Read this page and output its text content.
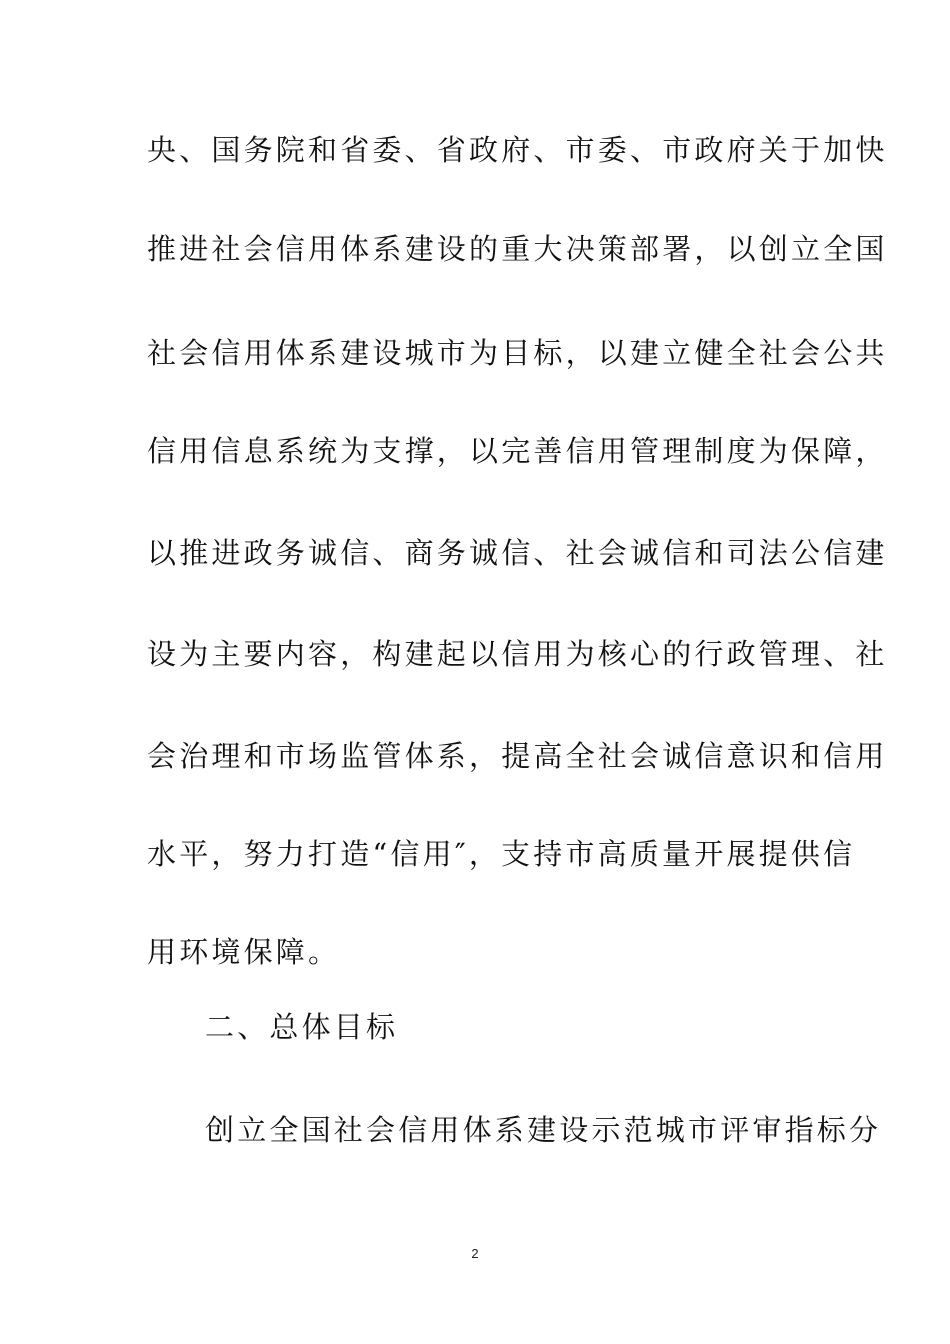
央、国务院和省委、省政府、市委、市政府关于加快
推进社会信用体系建设的重大决策部署，以创立全国
社会信用体系建设城市为目标，以建立健全社会公共
信用信息系统为支撑，以完善信用管理制度为保障，
以推进政务诚信、商务诚信、社会诚信和司法公信建
设为主要内容，构建起以信用为核心的行政管理、社
会治理和市场监管体系，提高全社会诚信意识和信用
水平，努力打造“信用″，支持市高质量开展提供信
用环境保障。
二、总体目标
创立全国社会信用体系建设示范城市评审指标分
2
